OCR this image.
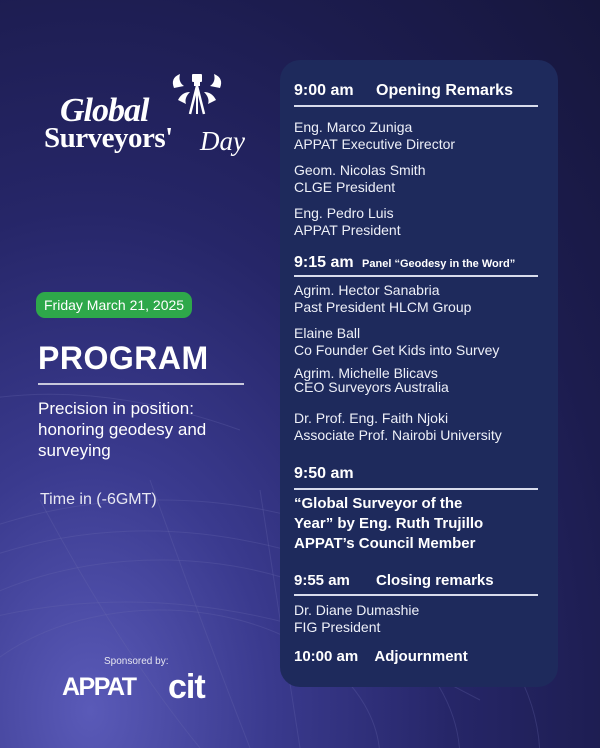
Global
Surveyors' Day
Friday March 21, 2025
PROGRAM
Precision in position: honoring geodesy and surveying
Time in (-6GMT)
Sponsored by:
APPAT cit
9:00 am Opening Remarks
Eng. Marco Zuniga
APPAT Executive Director
Geom. Nicolas Smith
CLGE President
Eng. Pedro Luis
APPAT President
9:15 am Panel “Geodesy in the Word”
Agrim. Hector Sanabria
Past President HLCM Group
Elaine Ball
Co Founder Get Kids into Survey
Agrim. Michelle Blicavs
CEO Surveyors Australia
Dr. Prof. Eng. Faith Njoki
Associate Prof. Nairobi University
9:50 am
“Global Surveyor of the
Year” by Eng. Ruth Trujillo
APPAT’s Council Member
9:55 am Closing remarks
Dr. Diane Dumashie
FIG President
10:00 am Adjournment
